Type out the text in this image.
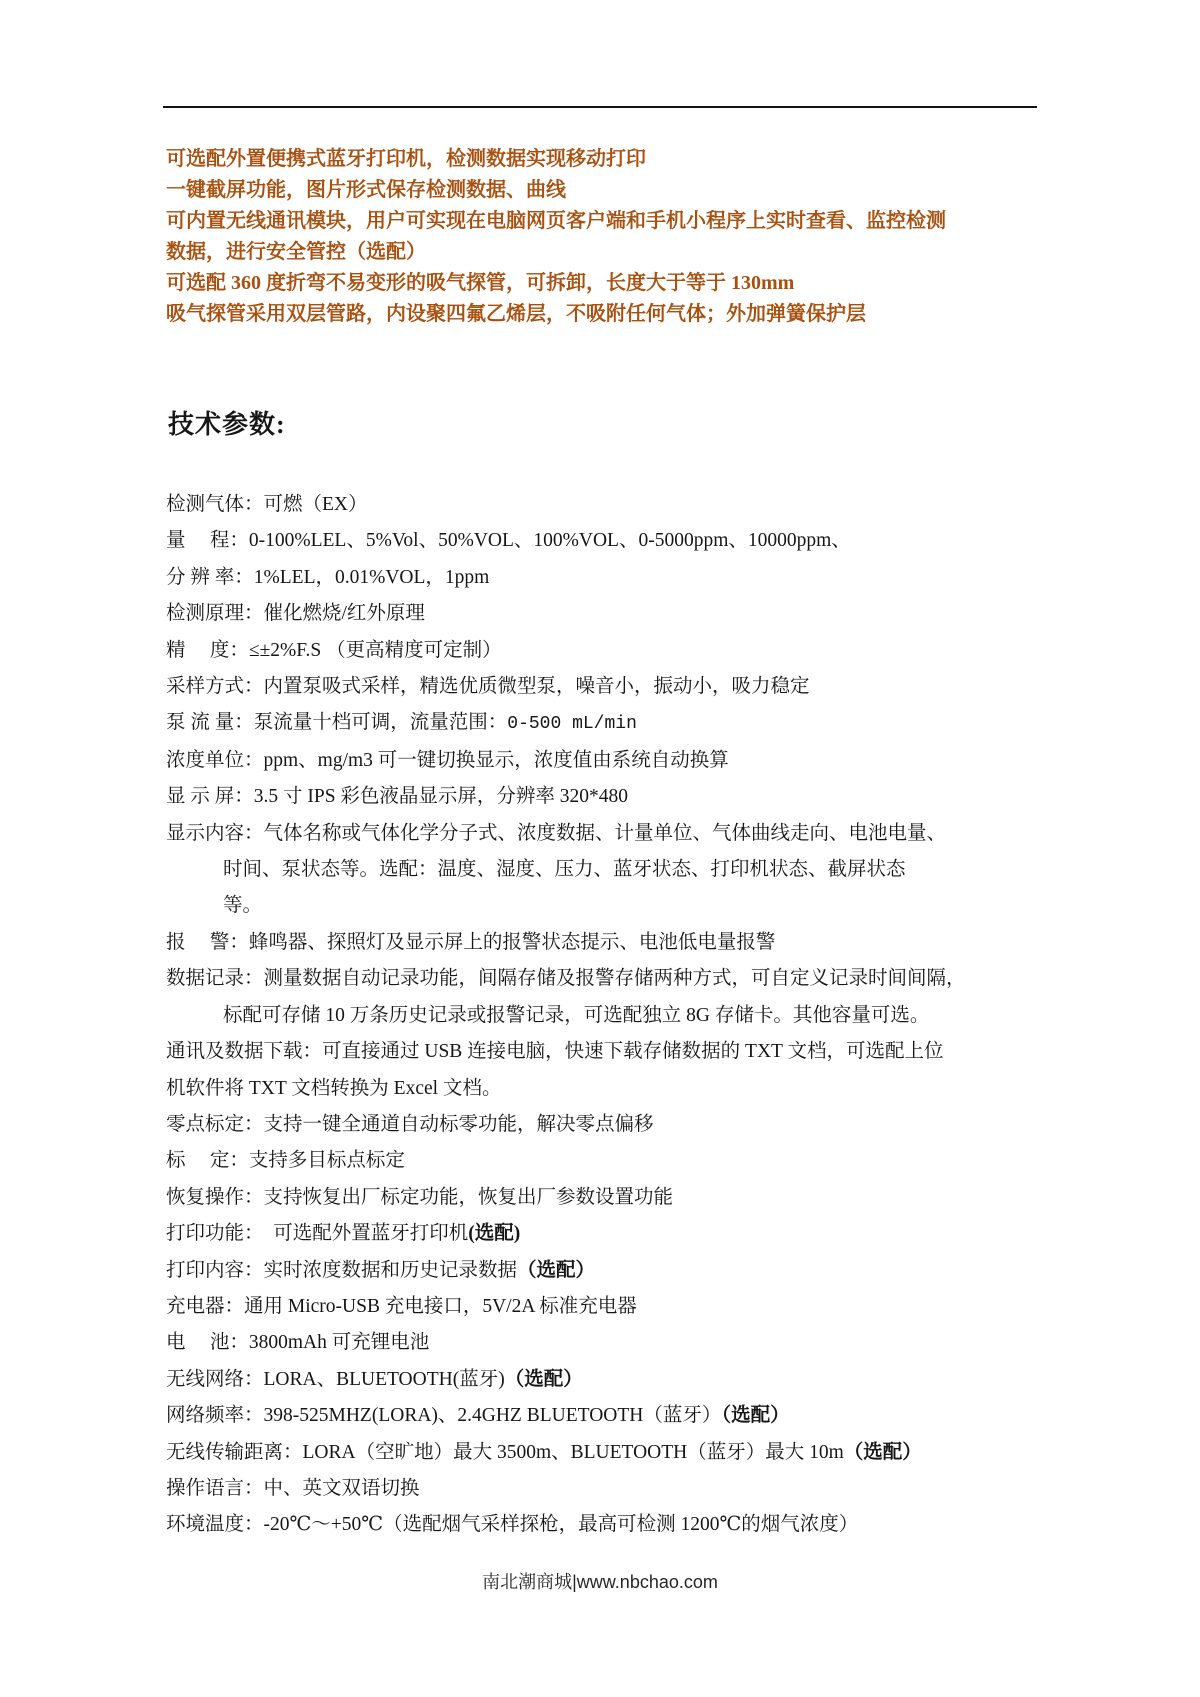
可选配外置便携式蓝牙打印机，检测数据实现移动打印
一键截屏功能，图片形式保存检测数据、曲线
可内置无线通讯模块，用户可实现在电脑网页客户端和手机小程序上实时查看、监控检测
数据，进行安全管控（选配）
可选配 360 度折弯不易变形的吸气探管，可拆卸，长度大于等于 130mm
吸气探管采用双层管路，内设聚四氟乙烯层，不吸附任何气体；外加弹簧保护层
技术参数:
检测气体：可燃（EX）
量     程：0-100%LEL、5%Vol、50%VOL、100%VOL、0-5000ppm、10000ppm、
分 辨 率：1%LEL，0.01%VOL，1ppm
检测原理：催化燃烧/红外原理
精     度：≤±2%F.S （更高精度可定制）
采样方式：内置泵吸式采样，精选优质微型泵，噪音小，振动小，吸力稳定
泵 流 量：泵流量十档可调，流量范围：0-500 mL/min
浓度单位：ppm、mg/m3 可一键切换显示，浓度值由系统自动换算
显 示 屏：3.5 寸 IPS 彩色液晶显示屏，分辨率 320*480
显示内容：气体名称或气体化学分子式、浓度数据、计量单位、气体曲线走向、电池电量、
时间、泵状态等。选配：温度、湿度、压力、蓝牙状态、打印机状态、截屏状态
等。
报     警：蜂鸣器、探照灯及显示屏上的报警状态提示、电池低电量报警
数据记录：测量数据自动记录功能，间隔存储及报警存储两种方式，可自定义记录时间间隔，
标配可存储 10 万条历史记录或报警记录，可选配独立 8G 存储卡。其他容量可选。
通讯及数据下载：可直接通过 USB 连接电脑，快速下载存储数据的 TXT 文档，可选配上位
机软件将 TXT 文档转换为 Excel 文档。
零点标定：支持一键全通道自动标零功能，解决零点偏移
标     定：支持多目标点标定
恢复操作：支持恢复出厂标定功能，恢复出厂参数设置功能
打印功能：  可选配外置蓝牙打印机(选配)
打印内容：实时浓度数据和历史记录数据（选配）
充电器：通用 Micro-USB 充电接口，5V/2A 标准充电器
电     池：3800mAh 可充锂电池
无线网络：LORA、BLUETOOTH(蓝牙)（选配）
网络频率：398-525MHZ(LORA)、2.4GHZ BLUETOOTH（蓝牙）（选配）
无线传输距离：LORA（空旷地）最大 3500m、BLUETOOTH（蓝牙）最大 10m（选配）
操作语言：中、英文双语切换
环境温度：-20℃～+50℃（选配烟气采样探枪，最高可检测 1200℃的烟气浓度）
南北潮商城|www.nbchao.com
